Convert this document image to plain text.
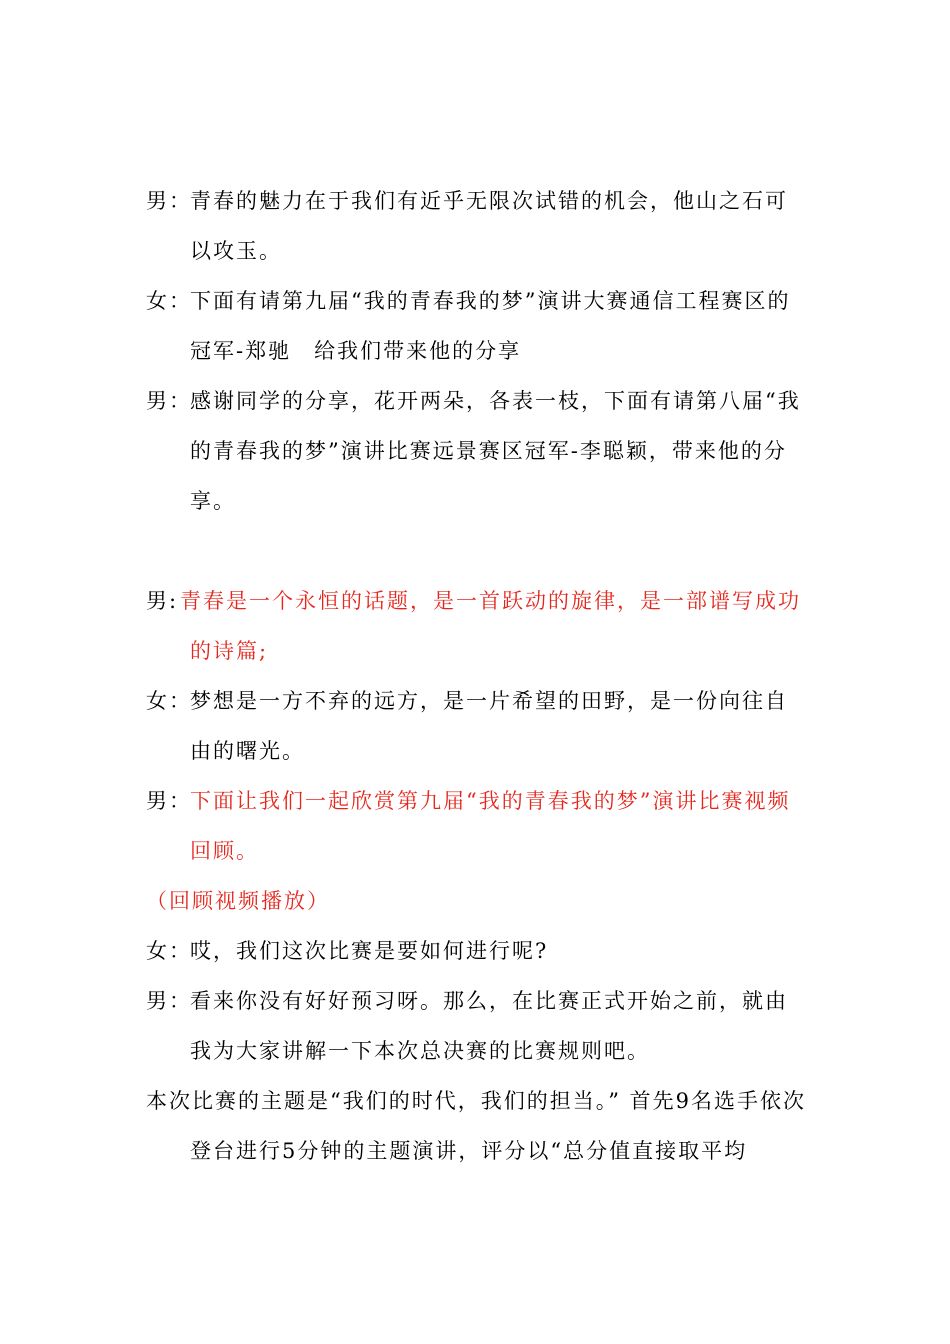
男：青春的魅力在于我们有近乎无限次试错的机会，他山之石可以攻玉。
女：下面有请第九届“我的青春我的梦”演讲大赛通信工程赛区的冠军-郑驰　给我们带来他的分享
男：感谢同学的分享，花开两朵，各表一枝，下面有请第八届“我的青春我的梦”演讲比赛远景赛区冠军-李聪颖，带来他的分享。
男:青春是一个永恒的话题，是一首跃动的旋律，是一部谱写成功的诗篇;
女：梦想是一方不弃的远方，是一片希望的田野，是一份向往自由的曙光。
男：下面让我们一起欣赏第九届“我的青春我的梦”演讲比赛视频回顾。
（回顾视频播放）
女：哎，我们这次比赛是要如何进行呢?
男：看来你没有好好预习呀。那么，在比赛正式开始之前，就由我为大家讲解一下本次总决赛的比赛规则吧。
本次比赛的主题是“我们的时代，我们的担当。” 首先9名选手依次登台进行5分钟的主题演讲，评分以“总分值直接取平均
